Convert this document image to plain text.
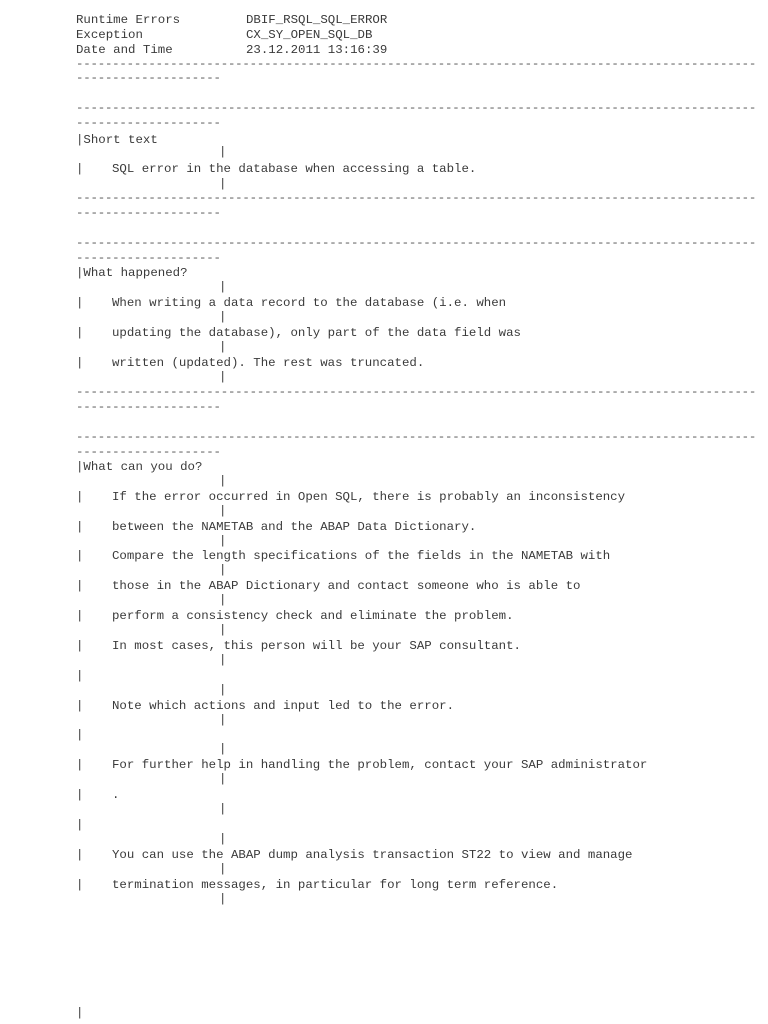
Runtime Errors	DBIF_RSQL_SQL_ERROR
Exception	CX_SY_OPEN_SQL_DB
Date and Time	23.12.2011 13:16:39
----------------------------------------------------------------------------------------------
--------------------
----------------------------------------------------------------------------------------------
--------------------
|Short text
|
| SQL error in the database when accessing a table.
|
----------------------------------------------------------------------------------------------
--------------------
----------------------------------------------------------------------------------------------
--------------------
|What happened?
|
| When writing a data record to the database (i.e. when
|
| updating the database), only part of the data field was
|
| written (updated). The rest was truncated.
|
----------------------------------------------------------------------------------------------
--------------------
----------------------------------------------------------------------------------------------
--------------------
|What can you do?
|
| If the error occurred in Open SQL, there is probably an inconsistency
|
| between the NAMETAB and the ABAP Data Dictionary.
|
| Compare the length specifications of the fields in the NAMETAB with
|
| those in the ABAP Dictionary and contact someone who is able to
|
| perform a consistency check and eliminate the problem.
|
| In most cases, this person will be your SAP consultant.
|
|
|
| Note which actions and input led to the error.
|
|
|
| For further help in handling the problem, contact your SAP administrator
|
| .
|
|
|
| You can use the ABAP dump analysis transaction ST22 to view and manage
|
| termination messages, in particular for long term reference.
|
|
